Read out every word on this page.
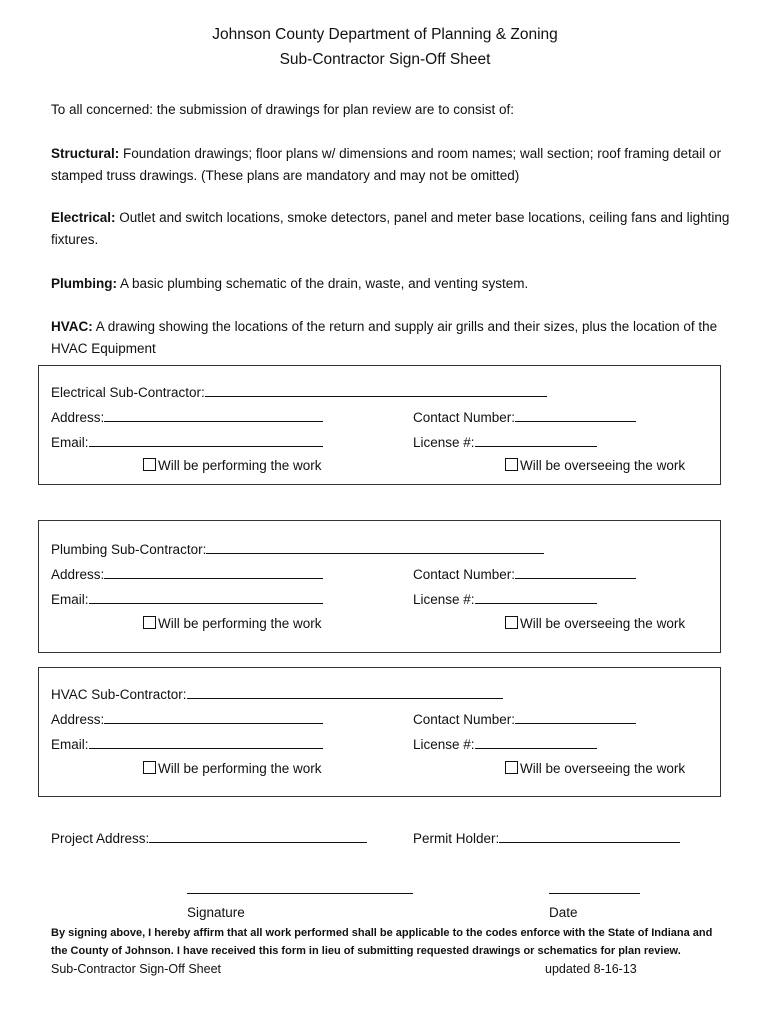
Johnson County Department of Planning & Zoning
Sub-Contractor Sign-Off Sheet
To all concerned: the submission of drawings for plan review are to consist of:
Structural: Foundation drawings; floor plans w/ dimensions and room names; wall section; roof framing detail or stamped truss drawings. (These plans are mandatory and may not be omitted)
Electrical: Outlet and switch locations, smoke detectors, panel and meter base locations, ceiling fans and lighting fixtures.
Plumbing: A basic plumbing schematic of the drain, waste, and venting system.
HVAC: A drawing showing the locations of the return and supply air grills and their sizes, plus the location of the HVAC Equipment
Electrical Sub-Contractor:
Address:	Contact Number:
Email:	License #:
Will be performing the work	Will be overseeing the work
Plumbing Sub-Contractor:
Address:	Contact Number:
Email:	License #:
Will be performing the work	Will be overseeing the work
HVAC Sub-Contractor:
Address:	Contact Number:
Email:	License #:
Will be performing the work	Will be overseeing the work
Project Address:	Permit Holder:
Signature	Date
By signing above, I hereby affirm that all work performed shall be applicable to the codes enforce with the State of Indiana and the County of Johnson. I have received this form in lieu of submitting requested drawings or schematics for plan review.
Sub-Contractor Sign-Off Sheet	updated 8-16-13
